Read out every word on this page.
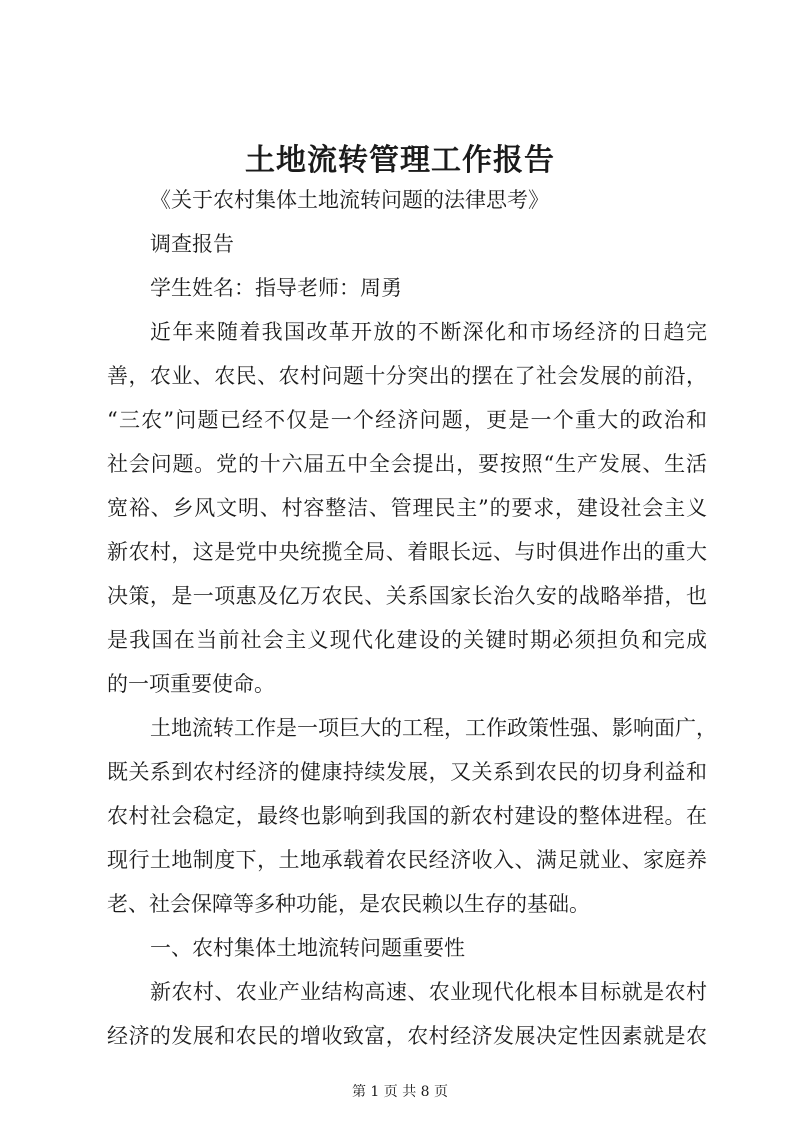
土地流转管理工作报告
《关于农村集体土地流转问题的法律思考》
调查报告
学生姓名：指导老师：周勇
近年来随着我国改革开放的不断深化和市场经济的日趋完
善，农业、农民、农村问题十分突出的摆在了社会发展的前沿，
“三农”问题已经不仅是一个经济问题，更是一个重大的政治和
社会问题。党的十六届五中全会提出，要按照“生产发展、生活
宽裕、乡风文明、村容整洁、管理民主”的要求，建设社会主义
新农村，这是党中央统揽全局、着眼长远、与时俱进作出的重大
决策，是一项惠及亿万农民、关系国家长治久安的战略举措，也
是我国在当前社会主义现代化建设的关键时期必须担负和完成
的一项重要使命。
土地流转工作是一项巨大的工程，工作政策性强、影响面广，
既关系到农村经济的健康持续发展，又关系到农民的切身利益和
农村社会稳定，最终也影响到我国的新农村建设的整体进程。在
现行土地制度下，土地承载着农民经济收入、满足就业、家庭养
老、社会保障等多种功能，是农民赖以生存的基础。
一、农村集体土地流转问题重要性
新农村、农业产业结构高速、农业现代化根本目标就是农村
经济的发展和农民的增收致富，农村经济发展决定性因素就是农
第 1 页 共 8 页
